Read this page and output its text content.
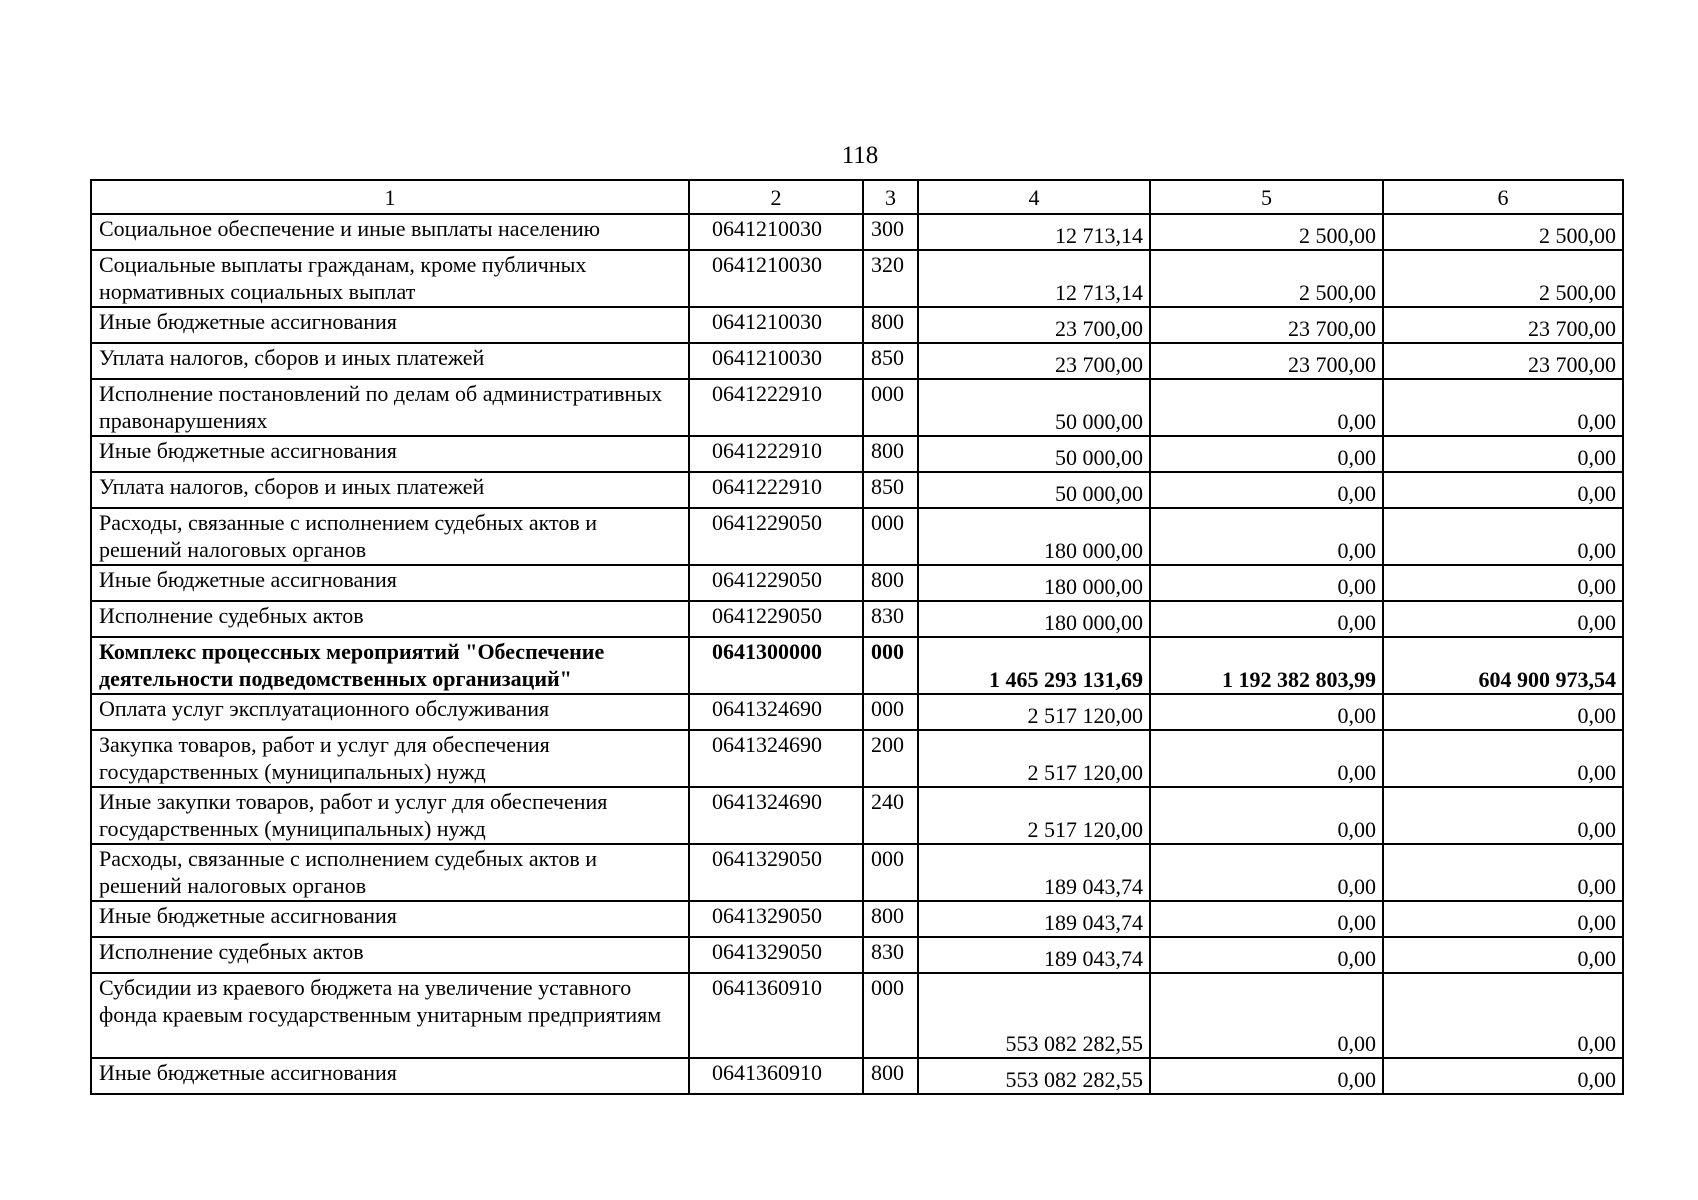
118
1	2	3	4	5	6
Социальное обеспечение и иные выплаты населению	0641210030	300	12 713,14	2 500,00	2 500,00
Социальные выплаты гражданам, кроме публичных нормативных социальных выплат	0641210030	320	12 713,14	2 500,00	2 500,00
Иные бюджетные ассигнования	0641210030	800	23 700,00	23 700,00	23 700,00
Уплата налогов, сборов и иных платежей	0641210030	850	23 700,00	23 700,00	23 700,00
Исполнение постановлений по делам об административных правонарушениях	0641222910	000	50 000,00	0,00	0,00
Иные бюджетные ассигнования	0641222910	800	50 000,00	0,00	0,00
Уплата налогов, сборов и иных платежей	0641222910	850	50 000,00	0,00	0,00
Расходы, связанные с исполнением судебных актов и решений налоговых органов	0641229050	000	180 000,00	0,00	0,00
Иные бюджетные ассигнования	0641229050	800	180 000,00	0,00	0,00
Исполнение судебных актов	0641229050	830	180 000,00	0,00	0,00
Комплекс процессных мероприятий "Обеспечение деятельности подведомственных организаций"	0641300000	000	1 465 293 131,69	1 192 382 803,99	604 900 973,54
Оплата услуг эксплуатационного обслуживания	0641324690	000	2 517 120,00	0,00	0,00
Закупка товаров, работ и услуг для обеспечения государственных (муниципальных) нужд	0641324690	200	2 517 120,00	0,00	0,00
Иные закупки товаров, работ и услуг для обеспечения государственных (муниципальных) нужд	0641324690	240	2 517 120,00	0,00	0,00
Расходы, связанные с исполнением судебных актов и решений налоговых органов	0641329050	000	189 043,74	0,00	0,00
Иные бюджетные ассигнования	0641329050	800	189 043,74	0,00	0,00
Исполнение судебных актов	0641329050	830	189 043,74	0,00	0,00
Субсидии из краевого бюджета на увеличение уставного фонда краевым государственным унитарным предприятиям	0641360910	000	553 082 282,55	0,00	0,00
Иные бюджетные ассигнования	0641360910	800	553 082 282,55	0,00	0,00
